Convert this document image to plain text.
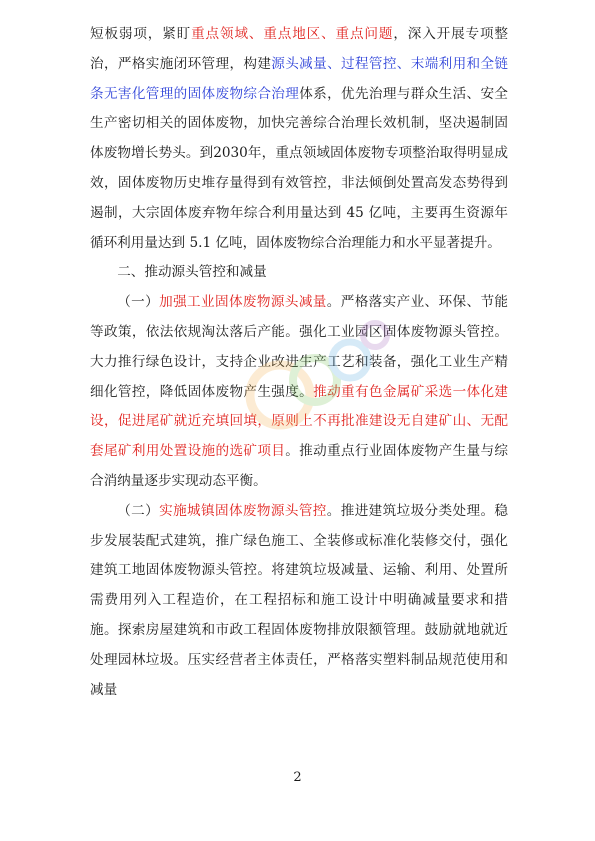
短板弱项，紧盯重点领域、重点地区、重点问题，深入开展专项整治，严格实施闭环管理，构建源头减量、过程管控、末端利用和全链条无害化管理的固体废物综合治理体系，优先治理与群众生活、安全生产密切相关的固体废物，加快完善综合治理长效机制，坚决遏制固体废物增长势头。到2030年，重点领域固体废物专项整治取得明显成效，固体废物历史堆存量得到有效管控，非法倾倒处置高发态势得到遏制，大宗固体废弃物年综合利用量达到 45 亿吨，主要再生资源年循环利用量达到 5.1 亿吨，固体废物综合治理能力和水平显著提升。

二、推动源头管控和减量

（一）加强工业固体废物源头减量。严格落实产业、环保、节能等政策，依法依规淘汰落后产能。强化工业园区固体废物源头管控。大力推行绿色设计，支持企业改进生产工艺和装备，强化工业生产精细化管控，降低固体废物产生强度。推动重有色金属矿采选一体化建设，促进尾矿就近充填回填，原则上不再批准建设无自建矿山、无配套尾矿利用处置设施的选矿项目。推动重点行业固体废物产生量与综合消纳量逐步实现动态平衡。

（二）实施城镇固体废物源头管控。推进建筑垃圾分类处理。稳步发展装配式建筑，推广绿色施工、全装修或标准化装修交付，强化建筑工地固体废物源头管控。将建筑垃圾减量、运输、利用、处置所需费用列入工程造价，在工程招标和施工设计中明确减量要求和措施。探索房屋建筑和市政工程固体废物排放限额管理。鼓励就地就近处理园林垃圾。压实经营者主体责任，严格落实塑料制品规范使用和减量

2
